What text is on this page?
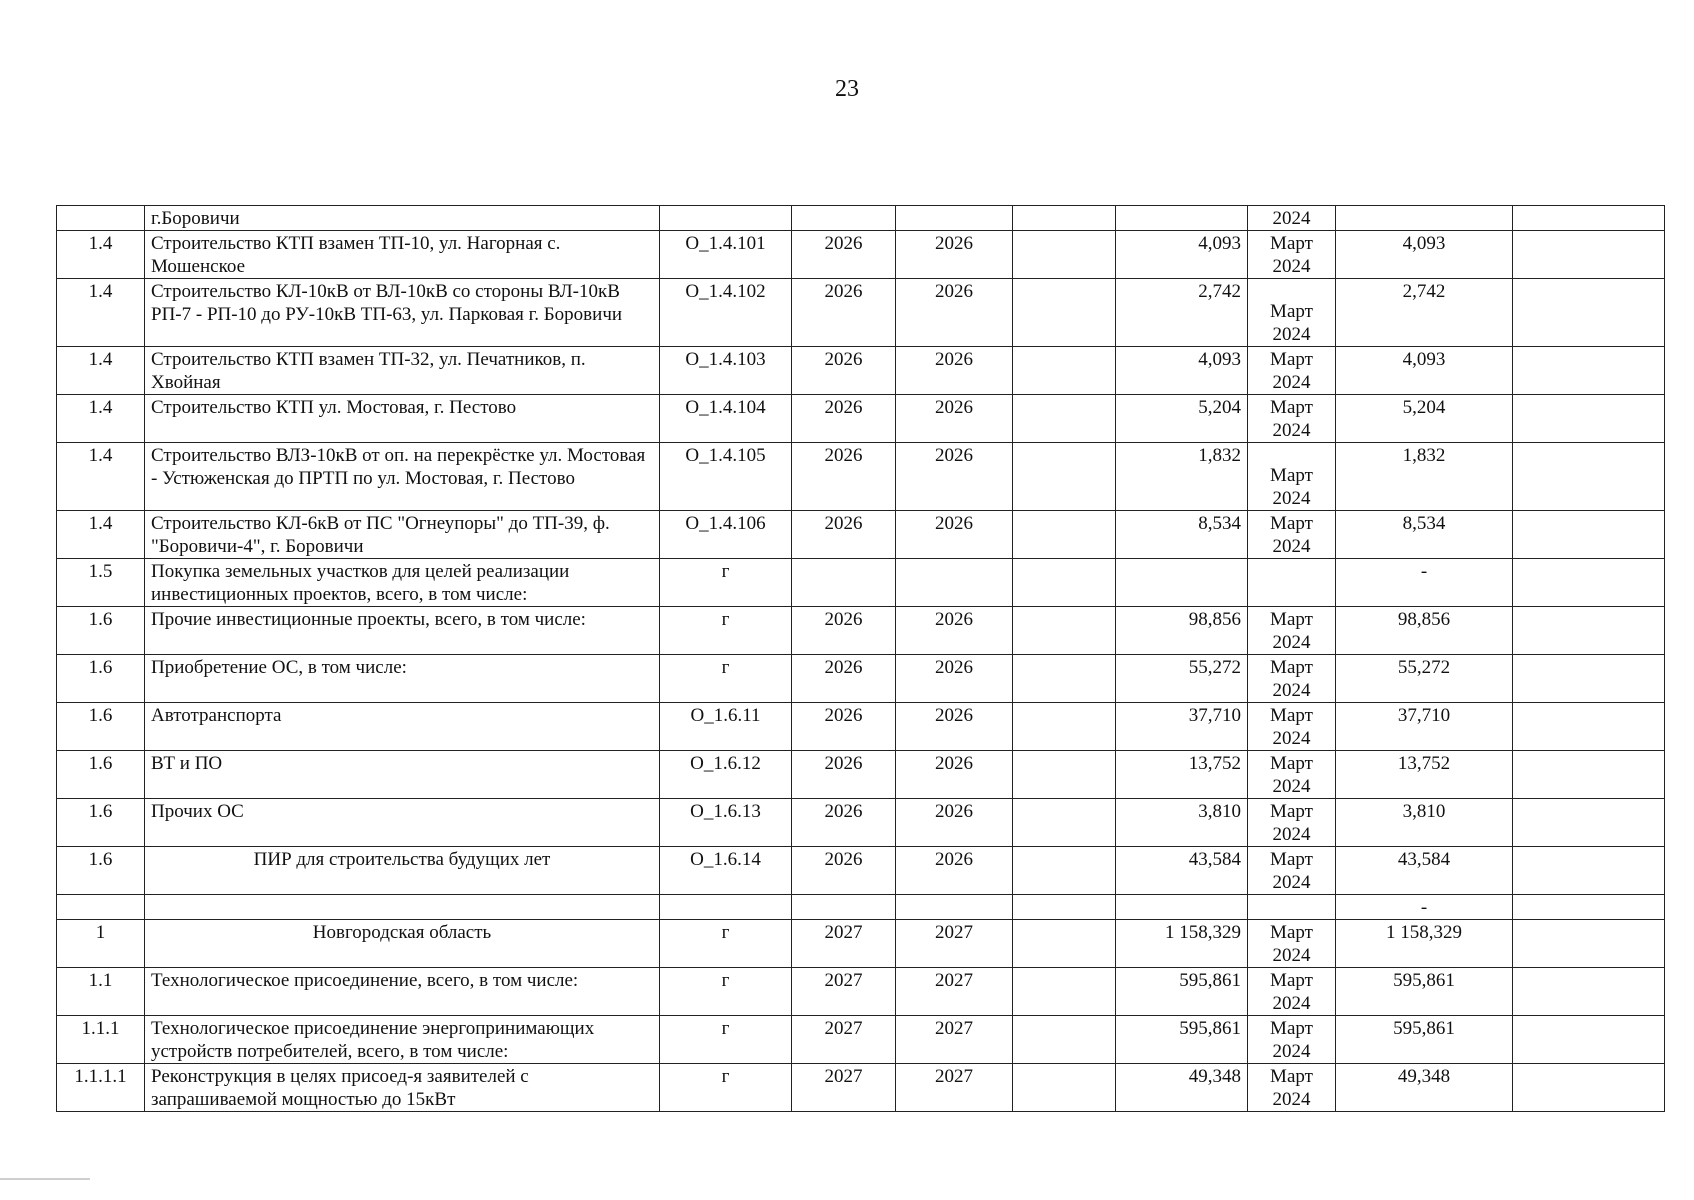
23
	г.Боровичи						2024		
1.4	Строительство КТП взамен ТП-10, ул. Нагорная с. Мошенское	О_1.4.101	2026	2026		4,093	Март 2024	4,093	
1.4	Строительство КЛ-10кВ от ВЛ-10кВ со стороны ВЛ-10кВ РП-7 - РП-10 до РУ-10кВ ТП-63, ул. Парковая г. Боровичи	О_1.4.102	2026	2026		2,742	Март 2024	2,742	
1.4	Строительство КТП взамен ТП-32, ул. Печатников, п. Хвойная	О_1.4.103	2026	2026		4,093	Март 2024	4,093	
1.4	Строительство КТП ул. Мостовая, г. Пестово	О_1.4.104	2026	2026		5,204	Март 2024	5,204	
1.4	Строительство ВЛЗ-10кВ от оп. на перекрёстке ул. Мостовая - Устюженская до ПРТП по ул. Мостовая, г. Пестово	О_1.4.105	2026	2026		1,832	Март 2024	1,832	
1.4	Строительство КЛ-6кВ от ПС "Огнеупоры" до ТП-39, ф. "Боровичи-4", г. Боровичи	О_1.4.106	2026	2026		8,534	Март 2024	8,534	
1.5	Покупка земельных участков для целей реализации инвестиционных проектов, всего, в том числе:	г						-	
1.6	Прочие инвестиционные проекты, всего, в том числе:	г	2026	2026		98,856	Март 2024	98,856	
1.6	Приобретение ОС, в том числе:	г	2026	2026		55,272	Март 2024	55,272	
1.6	Автотранспорта	О_1.6.11	2026	2026		37,710	Март 2024	37,710	
1.6	ВТ и ПО	О_1.6.12	2026	2026		13,752	Март 2024	13,752	
1.6	Прочих ОС	О_1.6.13	2026	2026		3,810	Март 2024	3,810	
1.6	ПИР для строительства будущих лет	О_1.6.14	2026	2026		43,584	Март 2024	43,584	
								-	
1	Новгородская область	г	2027	2027		1 158,329	Март 2024	1 158,329	
1.1	Технологическое присоединение, всего, в том числе:	г	2027	2027		595,861	Март 2024	595,861	
1.1.1	Технологическое присоединение энергопринимающих устройств потребителей, всего, в том числе:	г	2027	2027		595,861	Март 2024	595,861	
1.1.1.1	Реконструкция в целях присоед-я заявителей с запрашиваемой мощностью до 15кВт	г	2027	2027		49,348	Март 2024	49,348	
